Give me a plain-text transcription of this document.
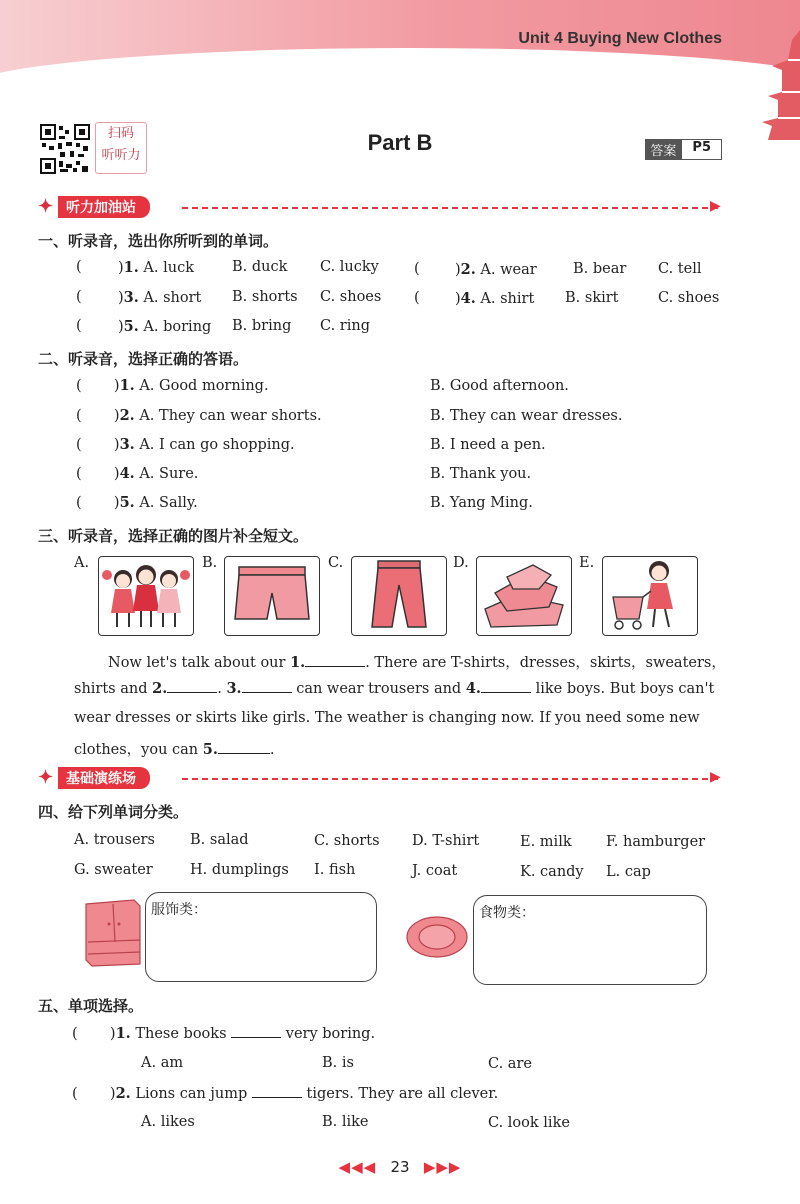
Unit 4 Buying New Clothes
扫码
听听力
Part B	答案	P5
✦ 听力加油站	▶
一、听录音，选出你所听到的单词。
(	)1. A. luck	B. duck C. lucky ( )2. A. wear	B. bear C. tell
(	)3. A. short B. shorts C. shoes ( )4. A. shirt B. skirt	C. shoes
(	)5. A. boring B. bring C. ring
二、听录音，选择正确的答语。
(       )1. A. Good morning.	B. Good afternoon.
(       )2. A. They can wear shorts.	B. They can wear dresses.
(       )3. A. I can go shopping.	B. I need a pen.
(       )4. A. Sure.	B. Thank you.
(       )5. A. Sally.	B. Yang Ming.
三、听录音，选择正确的图片补全短文。
A.	B.	C.	D.	E.
Now let's talk about our 1.	. There are T-shirts，dresses，skirts，sweaters，
shirts and 2.	. 3.	can wear trousers and 4.	like boys. But boys can't
wear dresses or skirts like girls. The weather is changing now. If you need some new
clothes，you can 5.	.
✦ 基础演练场	▶
四、给下列单词分类。
A. trousers B. salad	C. shorts D. T-shirt	E. milk F. hamburger
G. sweater	H. dumplings I. fish	J. coat	K. candy L. cap
服饰类：	食物类：
五、单项选择。
(       )1. These books	very boring.
A. am	B. is	C. are
(       )2. Lions can jump	tigers. They are all clever.
A. likes	B. like	C. look like
◀◀◀ 23 ▶▶▶
